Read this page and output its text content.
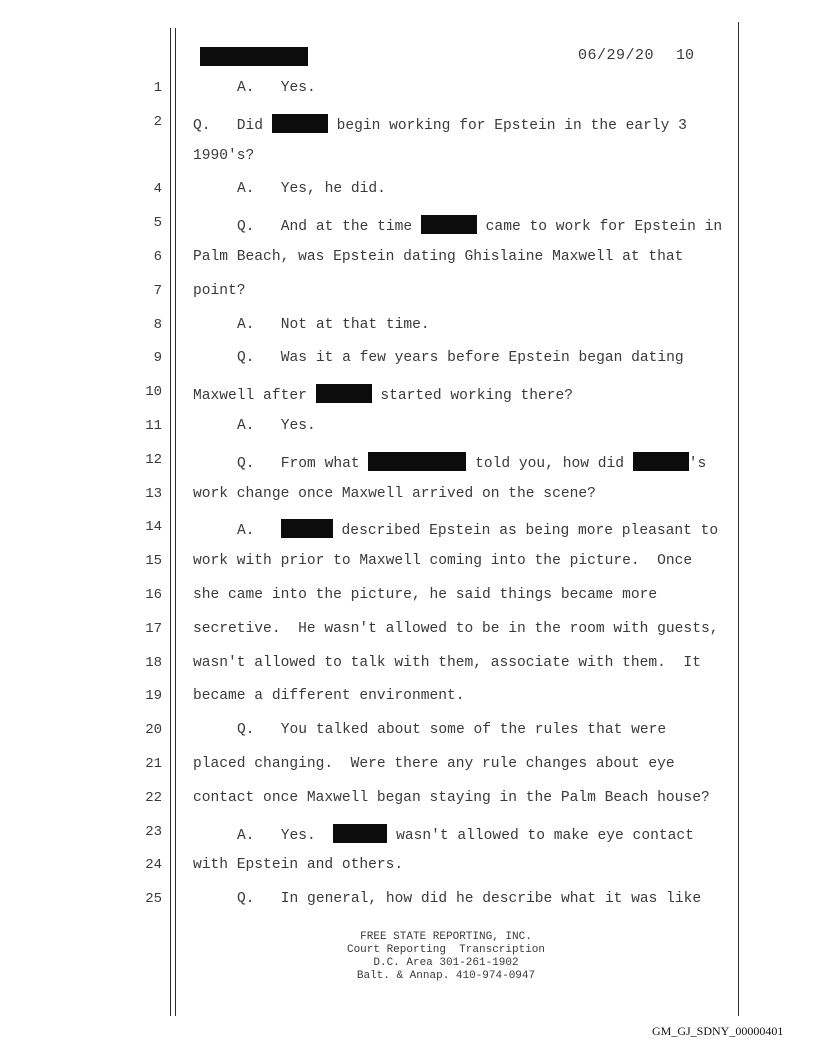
06/29/20 10
1	A.   Yes.
2 Q.   Did	begin working for Epstein in the early 3
1990's?
4	A.   Yes, he did.
5	Q.   And at the time	came to work for Epstein in
6 Palm Beach, was Epstein dating Ghislaine Maxwell at that
7 point?
8	A.   Not at that time.
9	Q.   Was it a few years before Epstein began dating
10 Maxwell after	started working there?
11	A.   Yes.
12	Q.   From what	told you, how did	's
13 work change once Maxwell arrived on the scene?
14	A.	described Epstein as being more pleasant to
15 work with prior to Maxwell coming into the picture.  Once
16 she came into the picture, he said things became more
17 secretive.  He wasn't allowed to be in the room with guests,
18 wasn't allowed to talk with them, associate with them.  It
19 became a different environment.
20	Q.   You talked about some of the rules that were
21 placed changing.  Were there any rule changes about eye
22 contact once Maxwell began staying in the Palm Beach house?
23	A.   Yes.	wasn't allowed to make eye contact
24 with Epstein and others.
25	Q.   In general, how did he describe what it was like
FREE STATE REPORTING, INC.
Court Reporting  Transcription
D.C. Area 301-261-1902
Balt. & Annap. 410-974-0947
GM_GJ_SDNY_00000401
